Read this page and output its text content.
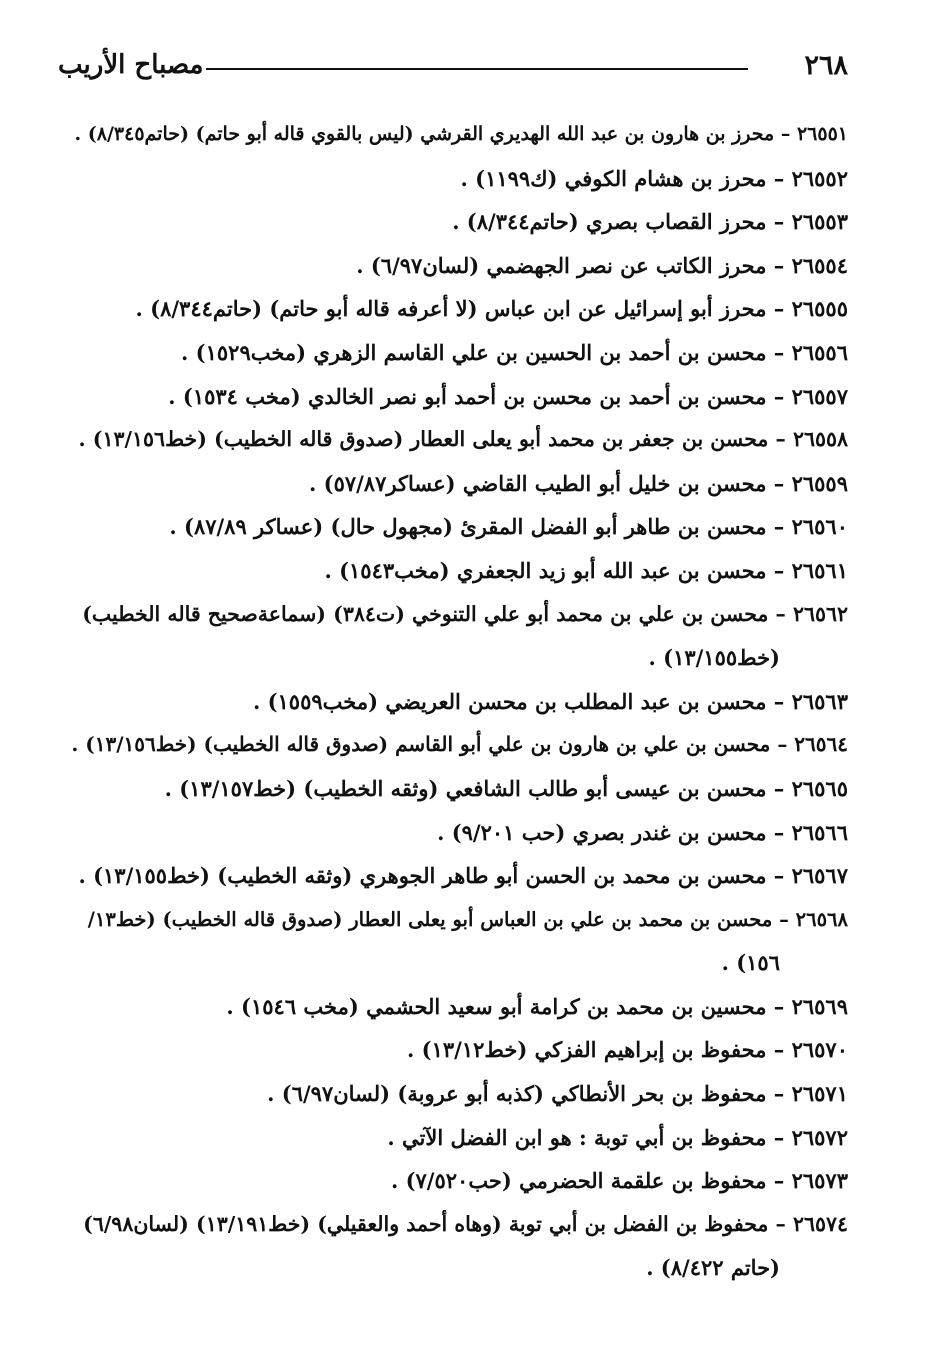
٢٦٨
مصباح الأريب
٢٦٥٥١ – محرز بن هارون بن عبد الله الهديري القرشي (ليس بالقوي قاله أبو حاتم) (حاتم٨/٣٤٥) .
٢٦٥٥٢ – محرز بن هشام الكوفي (ك١١٩٩) .
٢٦٥٥٣ – محرز القصاب بصري (حاتم٨/٣٤٤) .
٢٦٥٥٤ – محرز الكاتب عن نصر الجهضمي (لسان٦/٩٧) .
٢٦٥٥٥ – محرز أبو إسرائيل عن ابن عباس (لا أعرفه قاله أبو حاتم) (حاتم٨/٣٤٤) .
٢٦٥٥٦ – محسن بن أحمد بن الحسين بن علي القاسم الزهري (مخب١٥٢٩) .
٢٦٥٥٧ – محسن بن أحمد بن محسن بن أحمد أبو نصر الخالدي (مخب ١٥٣٤) .
٢٦٥٥٨ – محسن بن جعفر بن محمد أبو يعلى العطار (صدوق قاله الخطيب) (خط١٣/١٥٦) .
٢٦٥٥٩ – محسن بن خليل أبو الطيب القاضي (عساكر٥٧/٨٧) .
٢٦٥٦٠ – محسن بن طاهر أبو الفضل المقرئ (مجهول حال) (عساكر ٨٧/٨٩) .
٢٦٥٦١ – محسن بن عبد الله أبو زيد الجعفري (مخب١٥٤٣) .
٢٦٥٦٢ – محسن بن علي بن محمد أبو علي التنوخي (ت٣٨٤) (سماعةصحيح قاله الخطيب)
(خط١٣/١٥٥) .
٢٦٥٦٣ – محسن بن عبد المطلب بن محسن العريضي (مخب١٥٥٩) .
٢٦٥٦٤ – محسن بن علي بن هارون بن علي أبو القاسم (صدوق قاله الخطيب) (خط١٣/١٥٦) .
٢٦٥٦٥ – محسن بن عيسى أبو طالب الشافعي (وثقه الخطيب) (خط١٣/١٥٧) .
٢٦٥٦٦ – محسن بن غندر بصري (حب ٩/٢٠١) .
٢٦٥٦٧ – محسن بن محمد بن الحسن أبو طاهر الجوهري (وثقه الخطيب) (خط١٣/١٥٥) .
٢٦٥٦٨ – محسن بن محمد بن علي بن العباس أبو يعلى العطار (صدوق قاله الخطيب) (خط١٣/
١٥٦) .
٢٦٥٦٩ – محسين بن محمد بن كرامة أبو سعيد الحشمي (مخب ١٥٤٦) .
٢٦٥٧٠ – محفوظ بن إبراهيم الفزكي (خط١٣/١٢) .
٢٦٥٧١ – محفوظ بن بحر الأنطاكي (كذبه أبو عروبة) (لسان٦/٩٧) .
٢٦٥٧٢ – محفوظ بن أبي توبة : هو ابن الفضل الآتي .
٢٦٥٧٣ – محفوظ بن علقمة الحضرمي (حب٧/٥٢٠) .
٢٦٥٧٤ – محفوظ بن الفضل بن أبي توبة (وهاه أحمد والعقيلي) (خط١٣/١٩١) (لسان٦/٩٨)
(حاتم ٨/٤٢٢) .
